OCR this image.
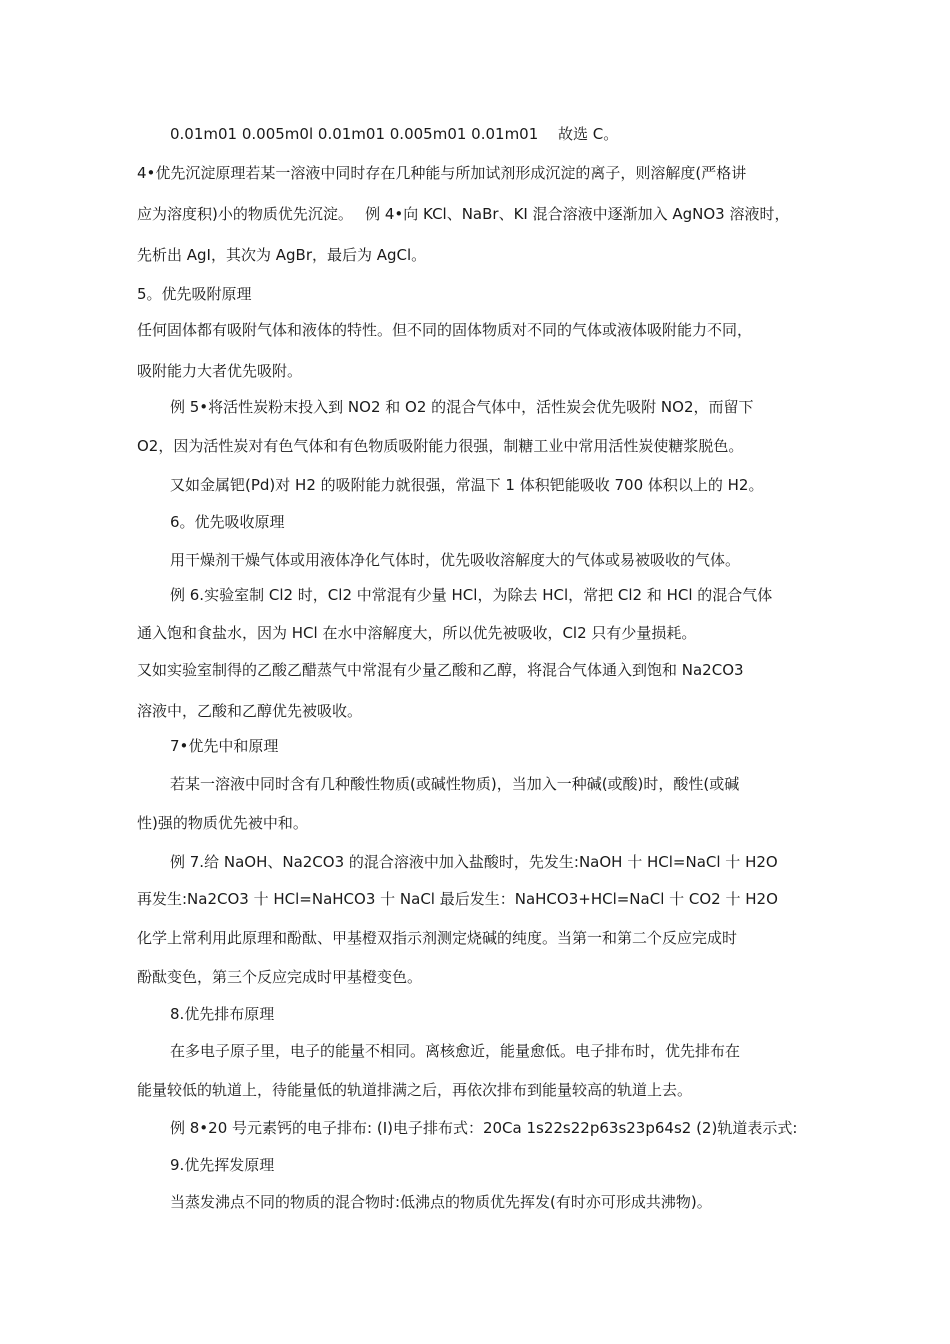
0.01m01 0.005m0l 0.01m01 0.005m01 0.01m01　 故选 C。
4•优先沉淀原理若某一溶液中同时存在几种能与所加试剂形成沉淀的离子，则溶解度(严格讲
应为溶度积)小的物质优先沉淀。　 例 4•向 KCl、NaBr、KI 混合溶液中逐渐加入 AgNO3 溶液时，
先析出 AgI，其次为 AgBr，最后为 AgCl。
5。优先吸附原理
任何固体都有吸附气体和液体的特性。但不同的固体物质对不同的气体或液体吸附能力不同，
吸附能力大者优先吸附。
例 5•将活性炭粉末投入到 NO2 和 O2 的混合气体中，活性炭会优先吸附 NO2，而留下
O2，因为活性炭对有色气体和有色物质吸附能力很强，制糖工业中常用活性炭使糖浆脱色。
又如金属钯(Pd)对 H2 的吸附能力就很强，常温下 1 体积钯能吸收 700 体积以上的 H2。
6。优先吸收原理
用干燥剂干燥气体或用液体净化气体时，优先吸收溶解度大的气体或易被吸收的气体。
例 6.实验室制 Cl2 时，Cl2 中常混有少量 HCl，为除去 HCl，常把 Cl2 和 HCl 的混合气体
通入饱和食盐水，因为 HCl 在水中溶解度大，所以优先被吸收，Cl2 只有少量损耗。
又如实验室制得的乙酸乙醋蒸气中常混有少量乙酸和乙醇，将混合气体通入到饱和 Na2CO3
溶液中，乙酸和乙醇优先被吸收。
7•优先中和原理
若某一溶液中同时含有几种酸性物质(或碱性物质)，当加入一种碱(或酸)时，酸性(或碱
性)强的物质优先被中和。
例 7.给 NaOH、Na2CO3 的混合溶液中加入盐酸时，先发生:NaOH 十 HCl=NaCl 十 H2O
再发生:Na2CO3 十 HCl=NaHCO3 十 NaCl 最后发生：NaHCO3+HCl=NaCl 十 CO2 十 H2O
化学上常利用此原理和酚酞、甲基橙双指示剂测定烧碱的纯度。当第一和第二个反应完成时
酚酞变色，第三个反应完成时甲基橙变色。
8.优先排布原理
在多电子原子里，电子的能量不相同。离核愈近，能量愈低。电子排布时，优先排布在
能量较低的轨道上，待能量低的轨道排满之后，再依次排布到能量较高的轨道上去。
例 8•20 号元素钙的电子排布: (I)电子排布式：20Ca 1s22s22p63s23p64s2 (2)轨道表示式:
9.优先挥发原理
当蒸发沸点不同的物质的混合物时:低沸点的物质优先挥发(有时亦可形成共沸物)。
